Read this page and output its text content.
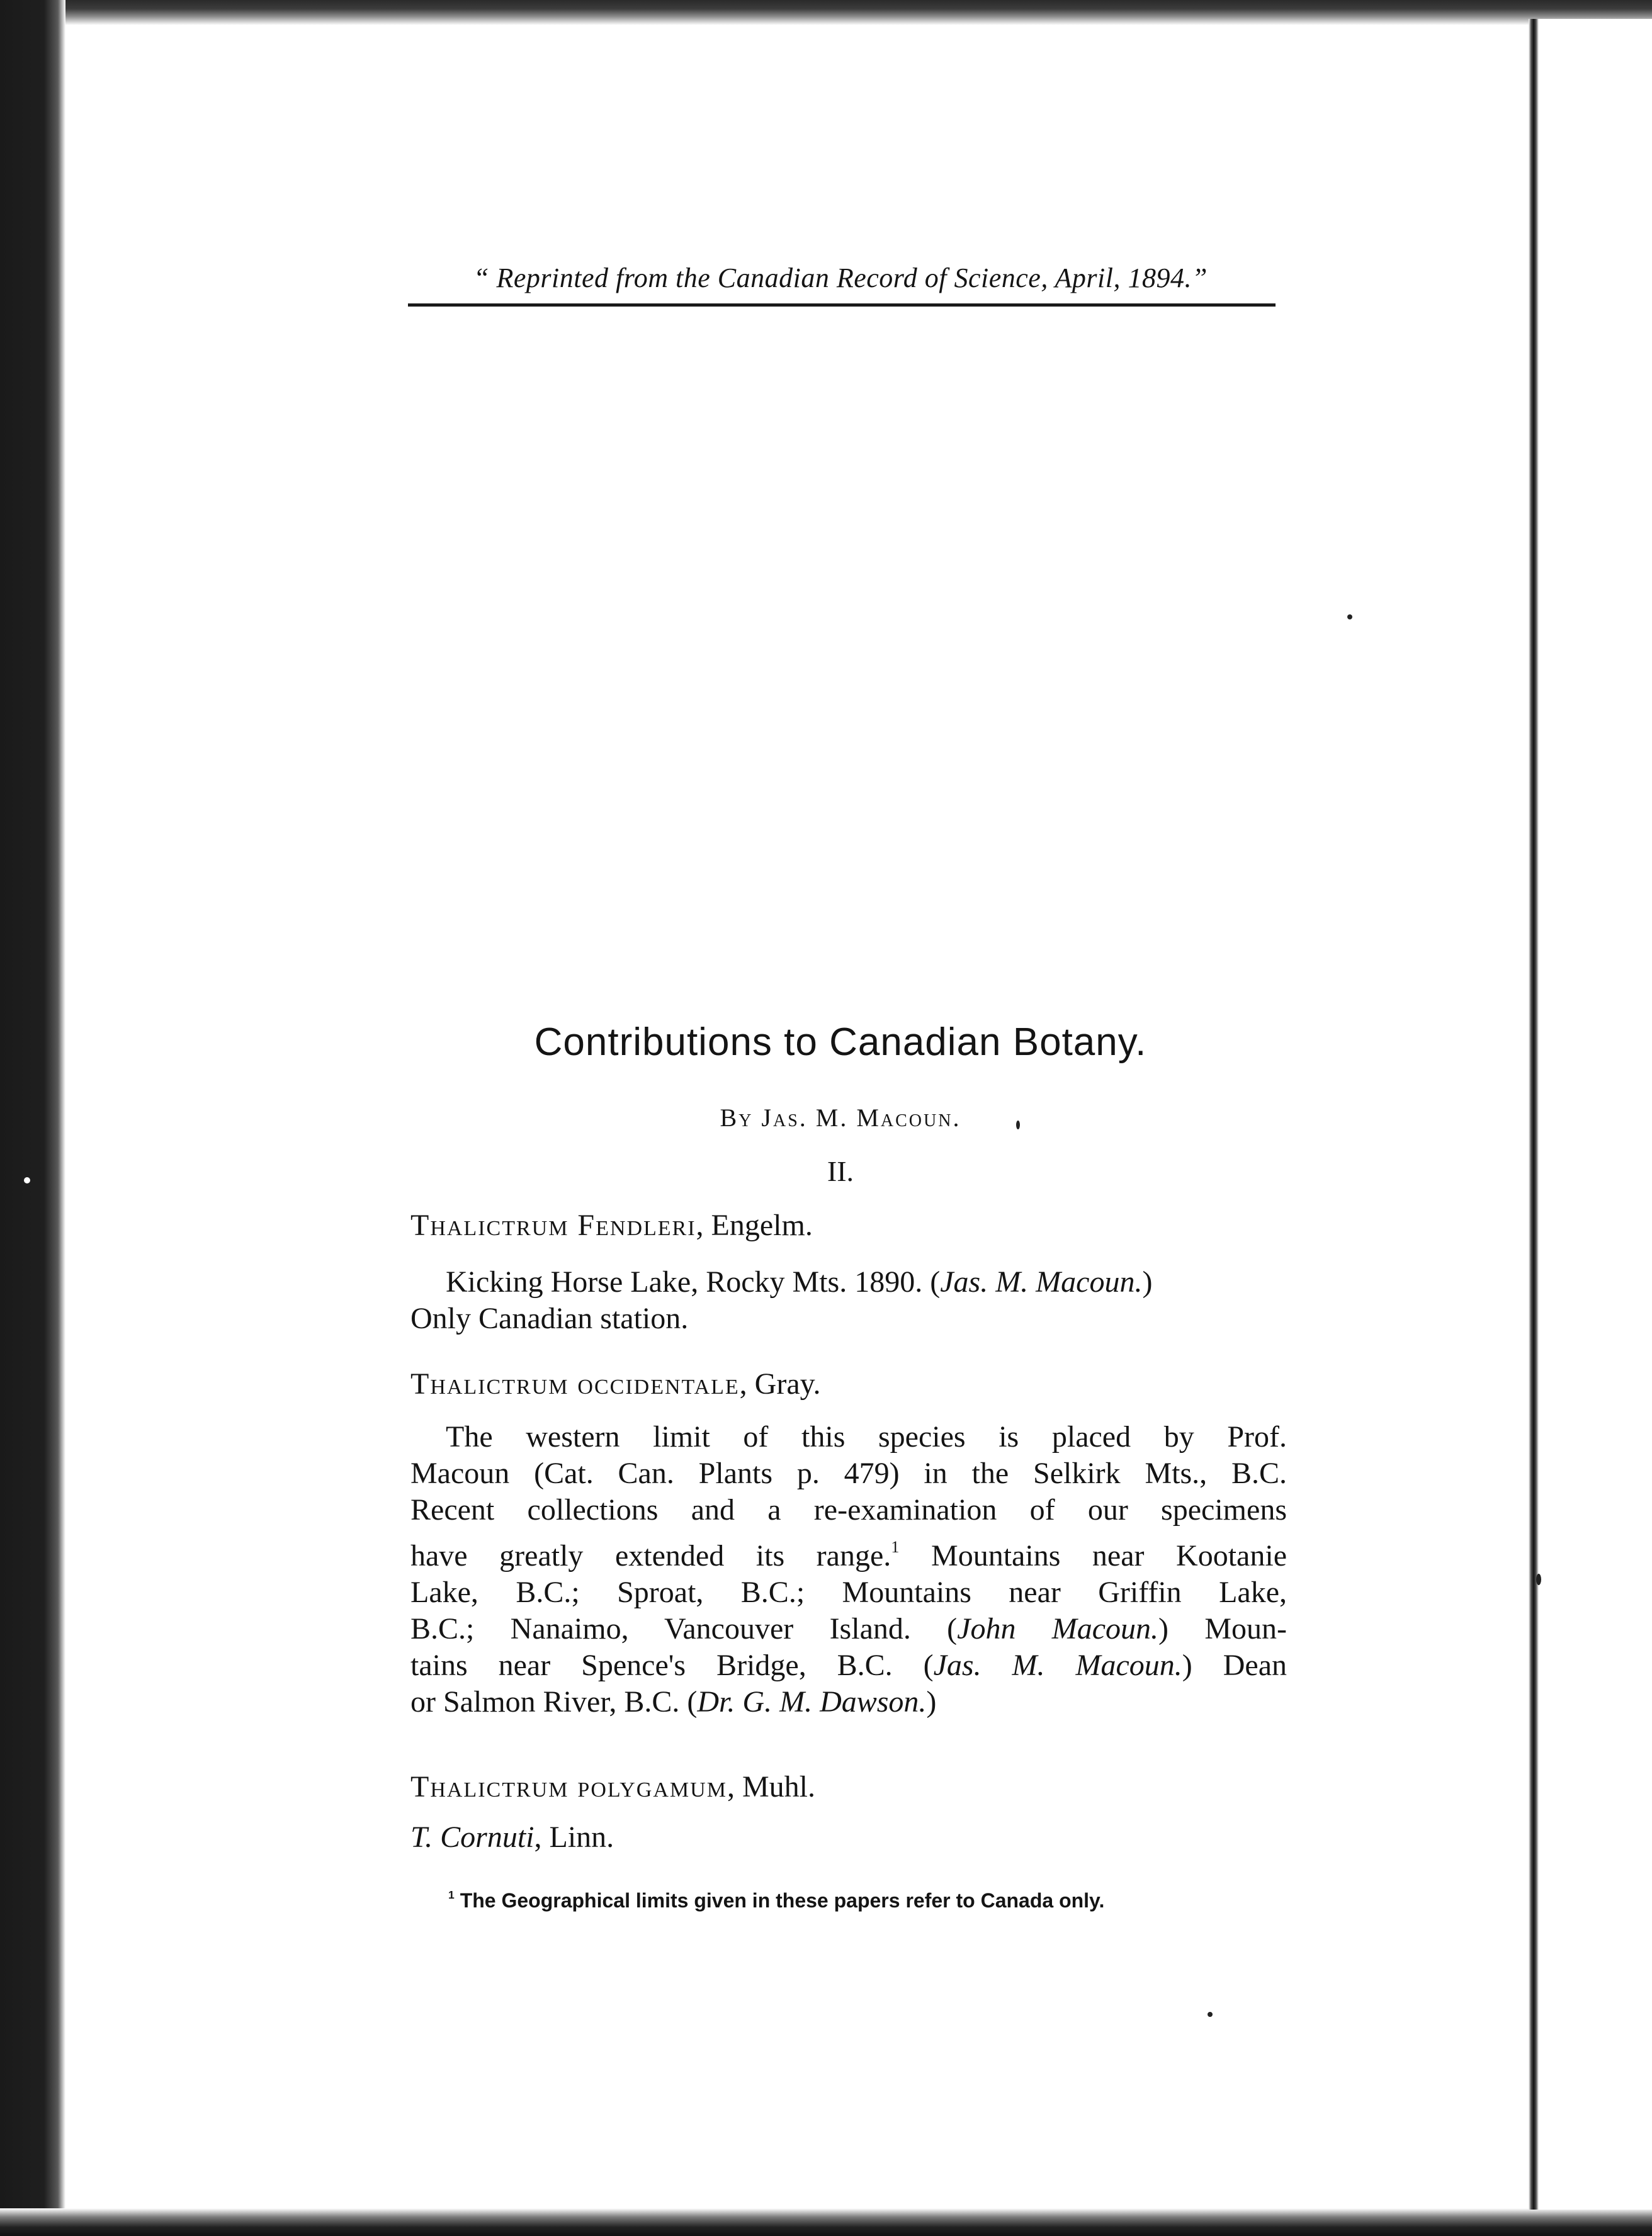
“ Reprinted from the Canadian Record of Science, April, 1894.”
Contributions to Canadian Botany.
By Jas. M. Macoun.
II.
Thalictrum Fendleri, Engelm.
Kicking Horse Lake, Rocky Mts. 1890. (Jas. M. Macoun.)
Only Canadian station.
Thalictrum occidentale, Gray.
The western limit of this species is placed by Prof.
Macoun (Cat. Can. Plants p. 479) in the Selkirk Mts., B.C.
Recent collections and a re-examination of our specimens
have greatly extended its range.$^1$ Mountains near Kootanie
Lake, B.C.; Sproat, B.C.; Mountains near Griffin Lake,
B.C.; Nanaimo, Vancouver Island. (John Macoun.) Moun-
tains near Spence's Bridge, B.C. (Jas. M. Macoun.) Dean
or Salmon River, B.C. (Dr. G. M. Dawson.)
Thalictrum polygamum, Muhl.
T. Cornuti, Linn.
$^1$ The Geographical limits given in these papers refer to Canada only.
